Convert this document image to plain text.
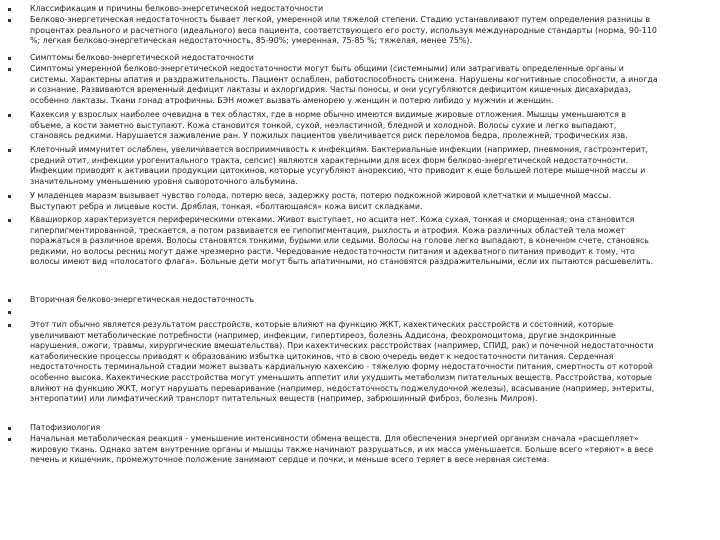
Классификация и причины белково-энергетической недостаточности
Белково-энергетическая недостаточность бывает легкой, умеренной или тяжелой степени. Стадию устанавливают путем определения разницы в процентах реального и расчетного (идеального) веса пациента, соответствующего его росту, используя международные стандарты (норма, 90-110 %; легкая белково-энергетическая недостаточность, 85-90%; умеренная, 75-85 %; тяжелая, менее 75%).
Симптомы белково-энергетической недостаточности
Симптомы умеренной белково-энергетической недостаточности могут быть общими (системными) или затрагивать определенные органы и системы. Характерны апатия и раздражительность. Пациент ослаблен, работоспособность снижена. Нарушены когнитивные способности, а иногда и сознание. Развиваются временный дефицит лактазы и ахлоргидрия. Часты поносы, и они усугубляются дефицитом кишечных дисахаридаз, особенно лактазы. Ткани гонад атрофичны. БЭН может вызвать аменорею у женщин и потерю либидо у мужчин и женщин.
Кахексия у взрослых наиболее очевидна в тех областях, где в норме обычно имеются видимые жировые отложения. Мышцы уменьшаются в объеме, а кости заметно выступают. Кожа становится тонкой, сухой, неэластичной, бледной и холодной. Волосы сухие и легко выпадают, становясь редкими. Нарушается заживление ран. У пожилых пациентов увеличивается риск переломов бедра, пролежней, трофических язв.
Клеточный иммунитет ослаблен, увеличивается восприимчивость к инфекциям. Бактериальные инфекции (например, пневмония, гастроэнтерит, средний отит, инфекции урогенитального тракта, сепсис) являются характерными для всех форм белково-энергетической недостаточности. Инфекции приводят к активации продукции цитокинов, которые усугубляют анорексию, что приводит к еще большей потере мышечной массы и значительному уменьшению уровня сывороточного альбумина.
У младенцев маразм вызывает чувство голода, потерю веса, задержку роста, потерю подкожной жировой клетчатки и мышечной массы. Выступают ребра и лицевые кости. Дряблая, тонкая, «болтающаяся» кожа висит складками.
Квашиоркор характеризуется периферическими отеками. Живот выступает, но асцита нет. Кожа сухая, тонкая и сморщенная; она становится гиперпигментированной, трескается, а потом развивается ее гипопигментация, рыхлость и атрофия. Кожа различных областей тела может поражаться в различное время. Волосы становятся тонкими, бурыми или седыми. Волосы на голове легко выпадают, в конечном счете, становясь редкими, но волосы ресниц могут даже чрезмерно расти. Чередование недостаточности питания и адекватного питания приводит к тому, что волосы имеют вид «полосатого флага». Больные дети могут быть апатичными, но становятся раздражительными, если их пытаются расшевелить.
Вторичная белково-энергетическая недостаточность
Этот тип обычно является результатом расстройств, которые влияют на функцию ЖКТ, кахектических расстройств и состояний, которые увеличивают метаболические потребности (например, инфекции, гипертиреоз, болезнь Аддисона, феохромоцитома, другие эндокринные нарушения, ожоги, травмы, хирургические вмешательства). При кахектических расстройствах (например, СПИД, рак) и почечной недостаточности катаболические процессы приводят к образованию избытка цитокинов, что в свою очередь ведет к недостаточности питания. Сердечная недостаточность терминальной стадии может вызвать кардиальную кахексию - тяжелую форму недостаточности питания, смертность от которой особенно высока. Кахектические расстройства могут уменьшить аппетит или ухудшить метаболизм питательных веществ. Расстройства, которые влияют на функцию ЖКТ, могут нарушать переваривание (например, недостаточность поджелудочной железы), всасывание (например, энтериты, энтеропатии) или лимфатический транспорт питательных веществ (например, забрюшинный фиброз, болезнь Милроя).
Патофизиология
Начальная метаболическая реакция - уменьшение интенсивности обмена веществ. Для обеспечения энергией организм сначала «расщепляет» жировую ткань. Однако затем внутренние органы и мышцы также начинают разрушаться, и их масса уменьшается. Больше всего «теряют» в весе печень и кишечник, промежуточное положение занимают сердце и почки, и меньше всего теряет в весе нервная система.
